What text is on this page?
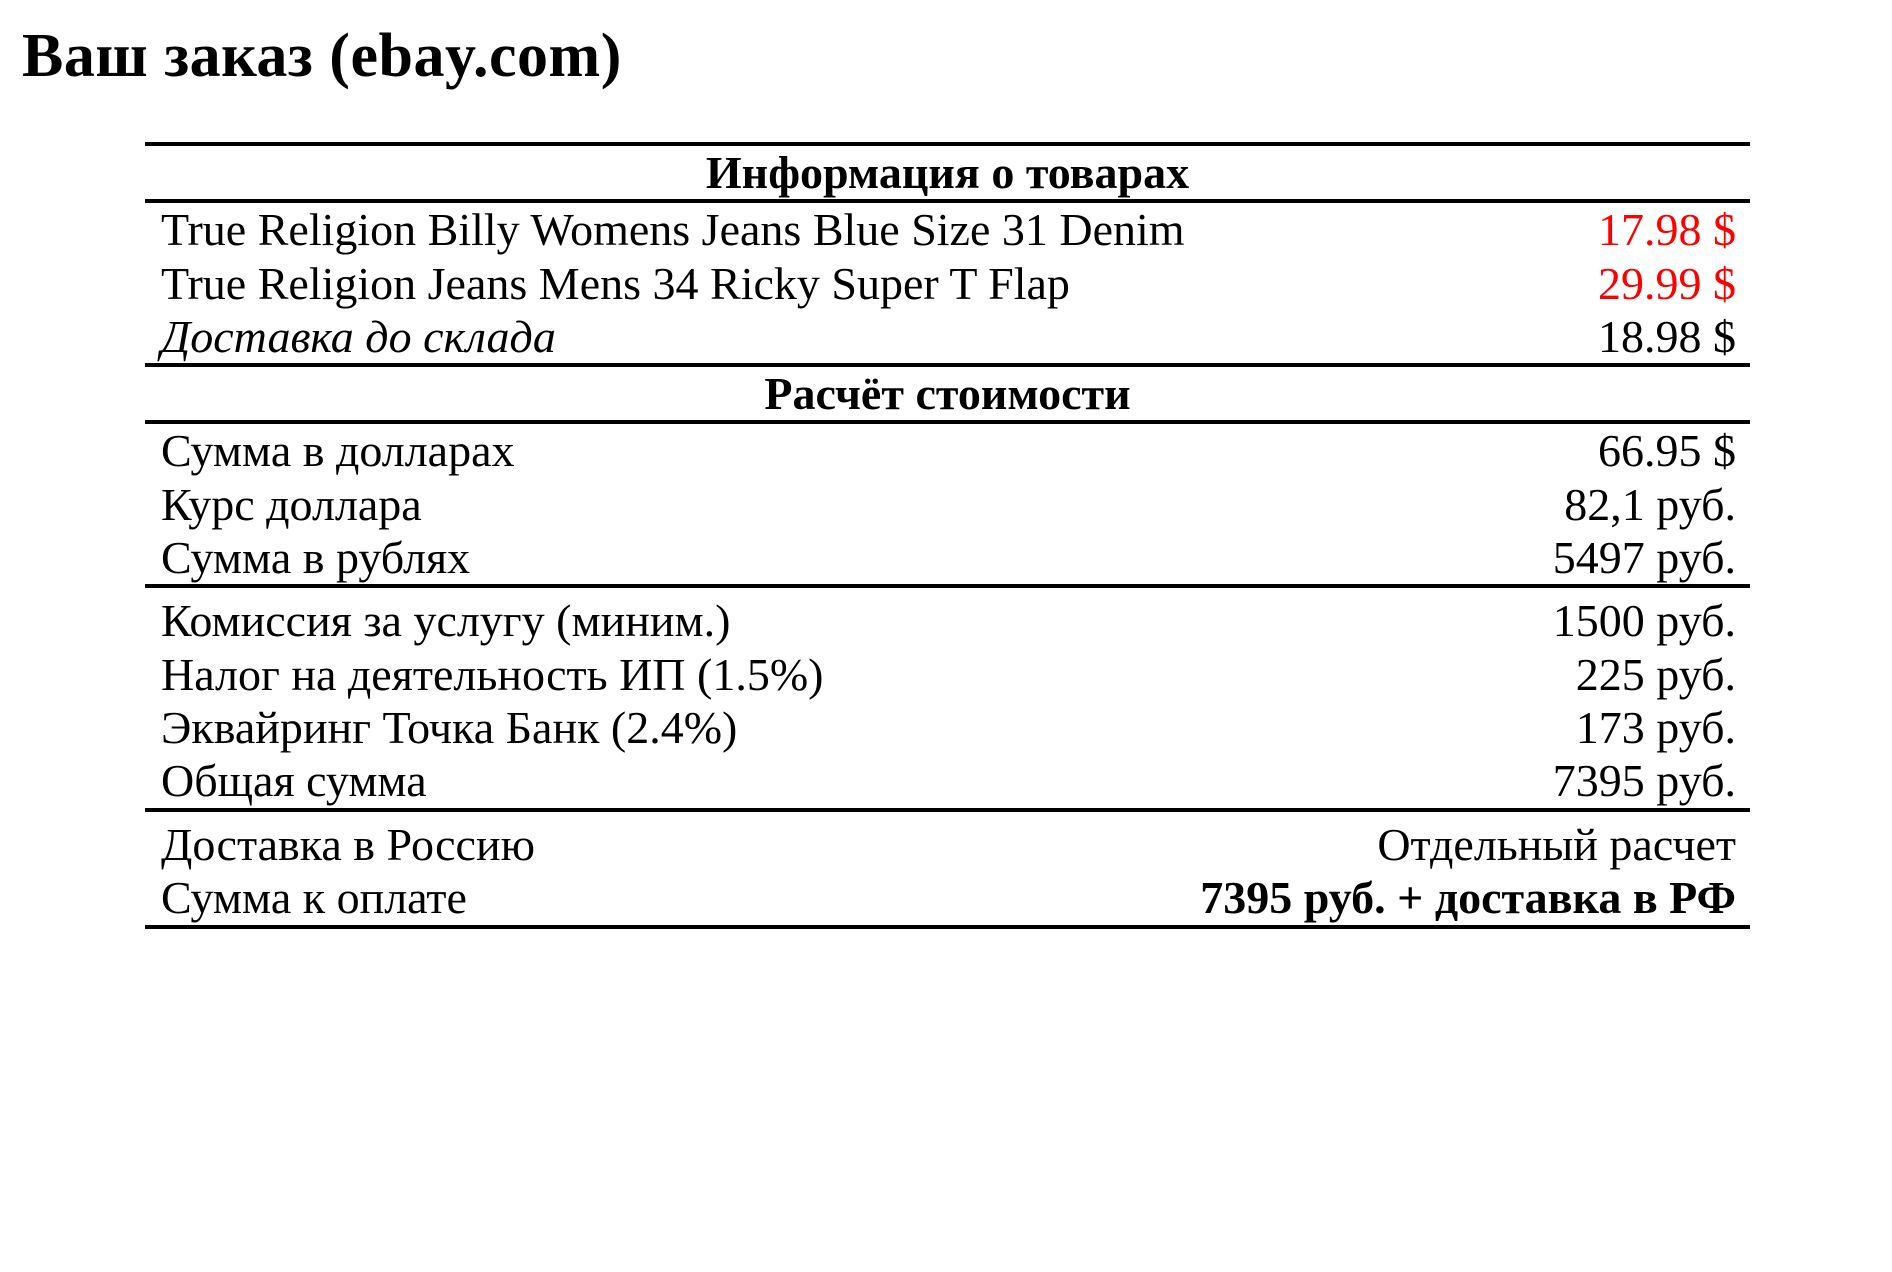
Ваш заказ (ebay.com)
Информация о товарах	
True Religion Billy Womens Jeans Blue Size 31 Denim	17.98 $
True Religion Jeans Mens 34 Ricky Super T Flap	29.99 $
Доставка до склада	18.98 $
Расчёт стоимости	
Сумма в долларах	66.95 $
Курс доллара	82,1 руб.
Сумма в рублях	5497 руб.

Комиссия за услугу (миним.)	1500 руб.
Налог на деятельность ИП (1.5%)	225 руб.
Эквайринг Точка Банк (2.4%)	173 руб.
Общая сумма	7395 руб.

Доставка в Россию	Отдельный расчет
Сумма к оплате	7395 руб. + доставка в РФ
